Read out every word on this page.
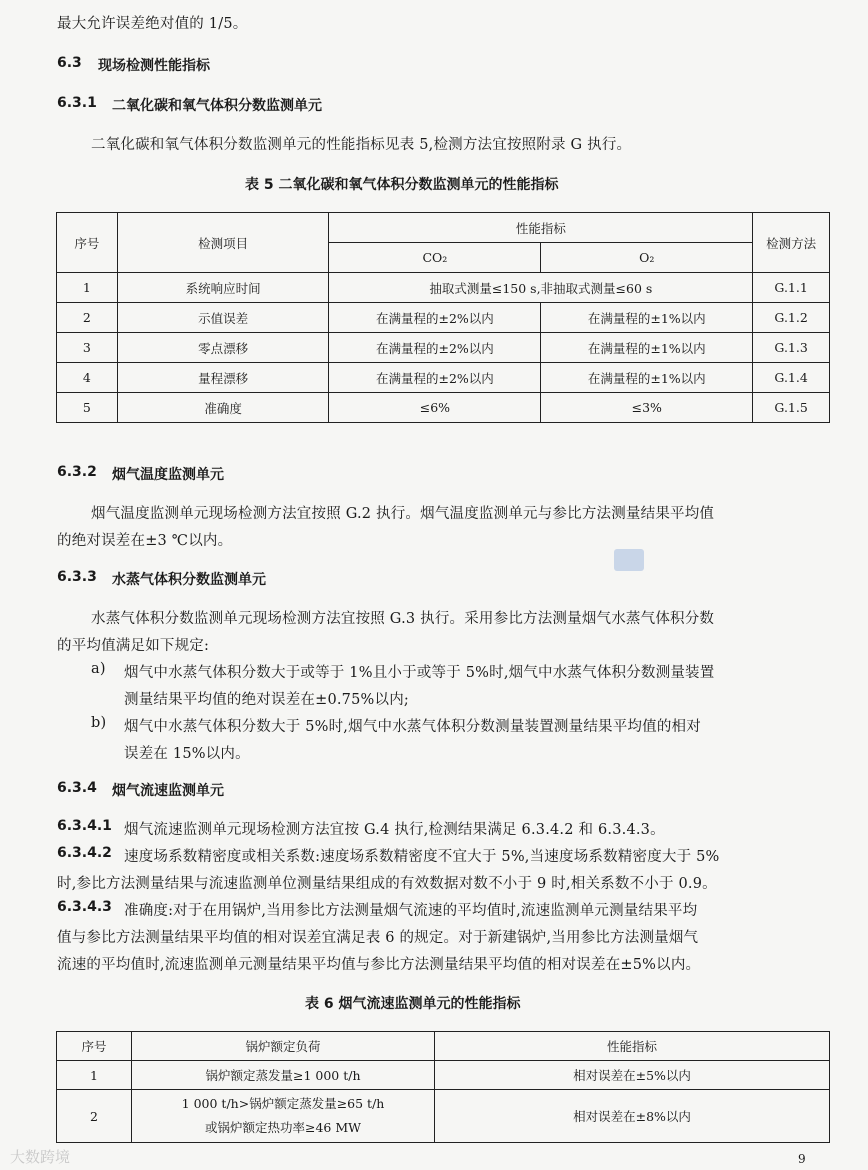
最大允许误差绝对值的 1/5。
6.3 现场检测性能指标
6.3.1 二氧化碳和氧气体积分数监测单元
二氧化碳和氧气体积分数监测单元的性能指标见表 5,检测方法宜按照附录 G 执行。
表 5 二氧化碳和氧气体积分数监测单元的性能指标
序号	检测项目	性能指标		检测方法
		CO₂	O₂	
1	系统响应时间	抽取式测量≤150 s,非抽取式测量≤60 s		G.1.1
2	示值误差	在满量程的±2%以内	在满量程的±1%以内	G.1.2
3	零点漂移	在满量程的±2%以内	在满量程的±1%以内	G.1.3
4	量程漂移	在满量程的±2%以内	在满量程的±1%以内	G.1.4
5	准确度	≤6%	≤3%	G.1.5
6.3.2 烟气温度监测单元
烟气温度监测单元现场检测方法宜按照 G.2 执行。烟气温度监测单元与参比方法测量结果平均值
的绝对误差在±3 ℃以内。
6.3.3 水蒸气体积分数监测单元
水蒸气体积分数监测单元现场检测方法宜按照 G.3 执行。采用参比方法测量烟气水蒸气体积分数
的平均值满足如下规定:
a) 烟气中水蒸气体积分数大于或等于 1%且小于或等于 5%时,烟气中水蒸气体积分数测量装置
测量结果平均值的绝对误差在±0.75%以内;
b) 烟气中水蒸气体积分数大于 5%时,烟气中水蒸气体积分数测量装置测量结果平均值的相对
误差在 15%以内。
6.3.4 烟气流速监测单元
6.3.4.1 烟气流速监测单元现场检测方法宜按 G.4 执行,检测结果满足 6.3.4.2 和 6.3.4.3。
6.3.4.2 速度场系数精密度或相关系数:速度场系数精密度不宜大于 5%,当速度场系数精密度大于 5%
时,参比方法测量结果与流速监测单位测量结果组成的有效数据对数不小于 9 时,相关系数不小于 0.9。
6.3.4.3 准确度:对于在用锅炉,当用参比方法测量烟气流速的平均值时,流速监测单元测量结果平均
值与参比方法测量结果平均值的相对误差宜满足表 6 的规定。对于新建锅炉,当用参比方法测量烟气
流速的平均值时,流速监测单元测量结果平均值与参比方法测量结果平均值的相对误差在±5%以内。
表 6 烟气流速监测单元的性能指标
序号	锅炉额定负荷	性能指标
1	锅炉额定蒸发量≥1 000 t/h	相对误差在±5%以内
2	1 000 t/h>锅炉额定蒸发量≥65 t/h
或锅炉额定热功率≥46 MW	相对误差在±8%以内
9
大数跨境
